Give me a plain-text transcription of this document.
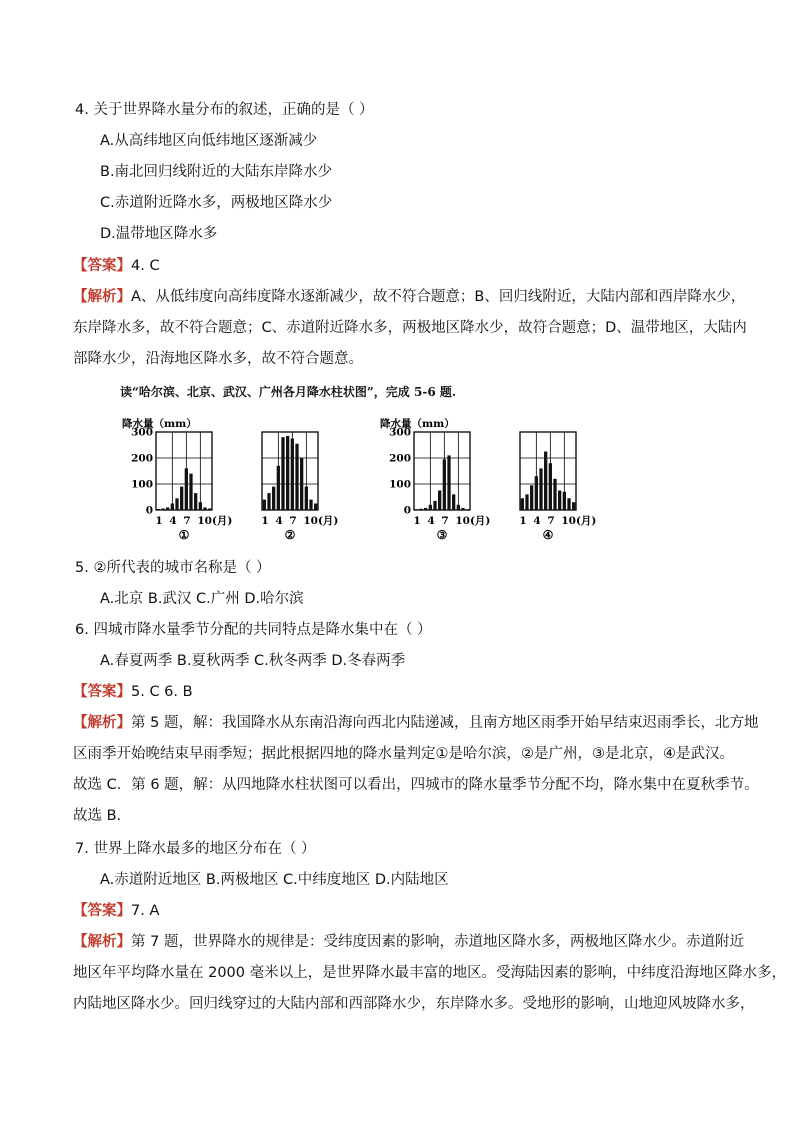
4. 关于世界降水量分布的叙述，正确的是（ ）
A.从高纬地区向低纬地区逐渐减少
B.南北回归线附近的大陆东岸降水少
C.赤道附近降水多，两极地区降水少
D.温带地区降水多
【答案】4. C
【解析】A、从低纬度向高纬度降水逐渐减少，故不符合题意；B、回归线附近，大陆内部和西岸降水少，
东岸降水多，故不符合题意；C、赤道附近降水多，两极地区降水少，故符合题意；D、温带地区，大陆内
部降水少，沿海地区降水多，故不符合题意。
读“哈尔滨、北京、武汉、广州各月降水柱状图”，完成 5-6 题.
降水量（mm）
0
100
200
300
1 4 7 10(月)
①
1 4 7 10(月)
②
降水量（mm）
0
100
200
300
1 4 7 10(月)
③
1 4 7 10(月)
④
5. ②所代表的城市名称是（ ）
A.北京 B.武汉 C.广州 D.哈尔滨
6. 四城市降水量季节分配的共同特点是降水集中在（ ）
A.春夏两季 B.夏秋两季 C.秋冬两季 D.冬春两季
【答案】5. C 6. B
【解析】第 5 题，解：我国降水从东南沿海向西北内陆递减，且南方地区雨季开始早结束迟雨季长，北方地
区雨季开始晚结束早雨季短；据此根据四地的降水量判定①是哈尔滨，②是广州，③是北京，④是武汉。
故选 C．第 6 题，解：从四地降水柱状图可以看出，四城市的降水量季节分配不均，降水集中在夏秋季节。
故选 B．
7. 世界上降水最多的地区分布在（ ）
A.赤道附近地区 B.两极地区 C.中纬度地区 D.内陆地区
【答案】7. A
【解析】第 7 题，世界降水的规律是：受纬度因素的影响，赤道地区降水多，两极地区降水少。赤道附近
地区年平均降水量在 2000 毫米以上，是世界降水最丰富的地区。受海陆因素的影响，中纬度沿海地区降水多，
内陆地区降水少。回归线穿过的大陆内部和西部降水少，东岸降水多。受地形的影响，山地迎风坡降水多，
